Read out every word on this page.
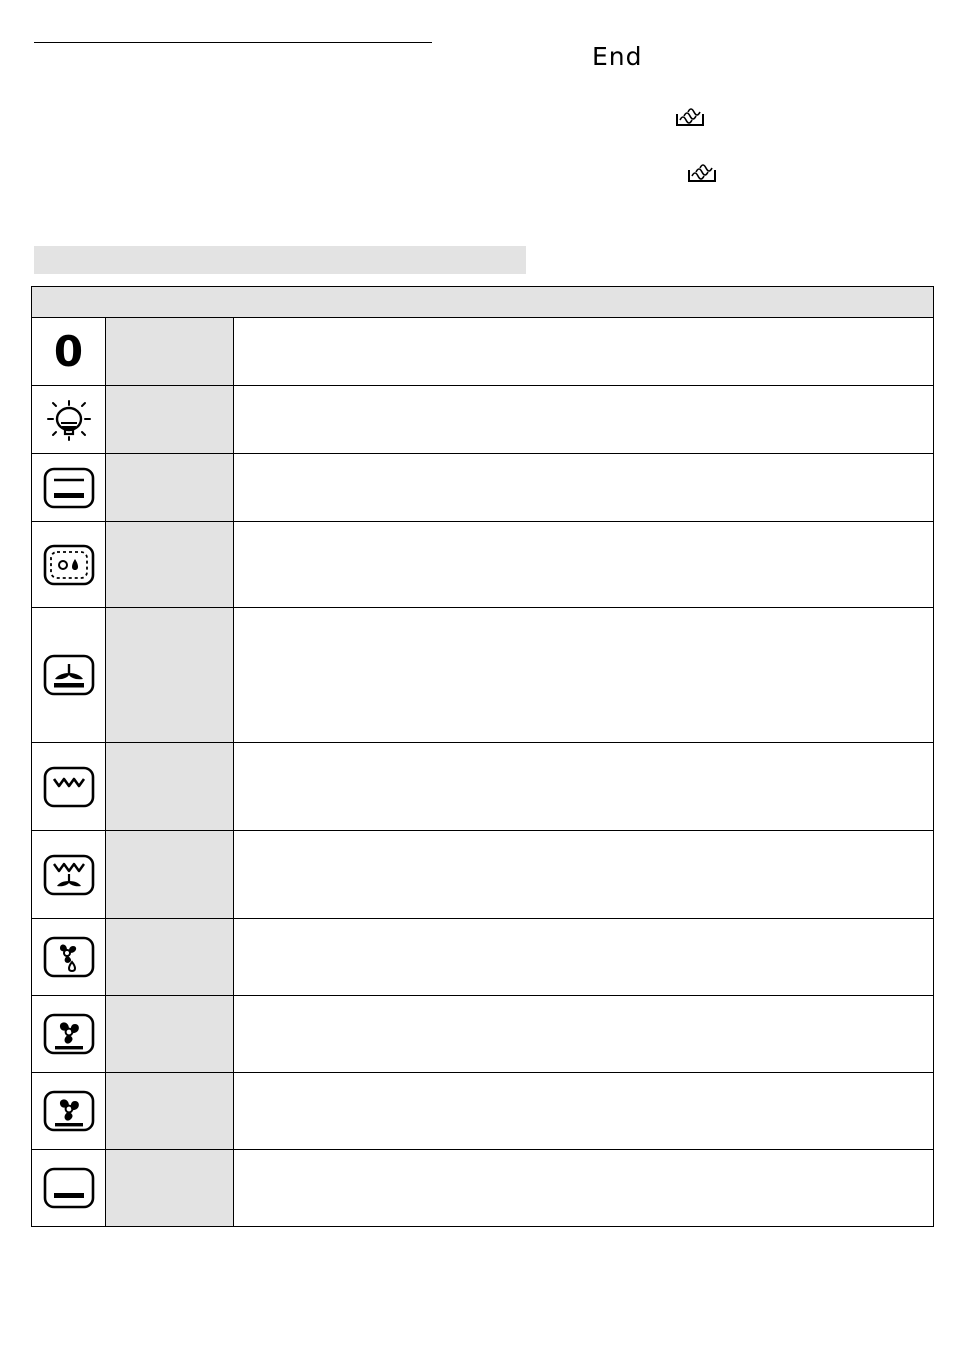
End

0	
